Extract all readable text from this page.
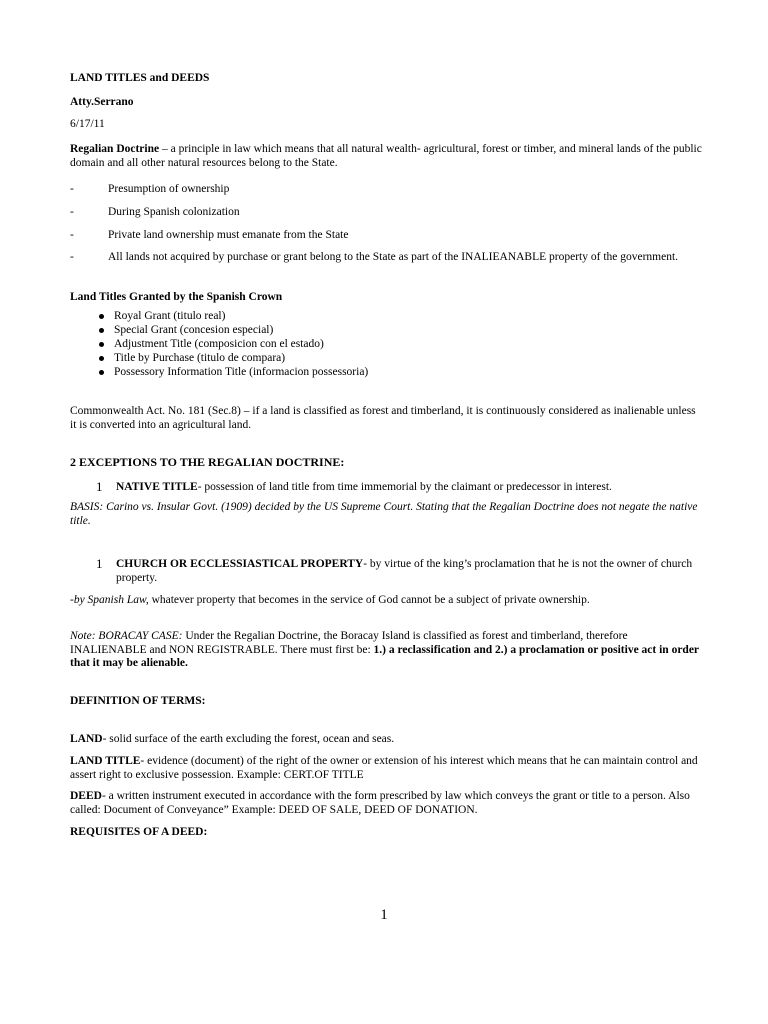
LAND TITLES and DEEDS

Atty.Serrano

6/17/11

Regalian Doctrine – a principle in law which means that all natural wealth- agricultural, forest or timber, and mineral lands of the public domain and all other natural resources belong to the State.

-	Presumption of ownership
-	During Spanish colonization
-	Private land ownership must emanate from the State
-	All lands not acquired by purchase or grant belong to the State as part of the INALIEANABLE property of the government.

Land Titles Granted by the Spanish Crown

Royal Grant (titulo real)
Special Grant (concesion especial)
Adjustment Title (composicion con el estado)
Title by Purchase (titulo de compara)
Possessory Information Title (informacion possessoria)

Commonwealth Act. No. 181 (Sec.8) – if a land is classified as forest and timberland, it is continuously considered as inalienable unless it is converted into an agricultural land.

2 EXCEPTIONS TO THE REGALIAN DOCTRINE:

1 NATIVE TITLE- possession of land title from time immemorial by the claimant or predecessor in interest.

BASIS: Carino vs. Insular Govt. (1909) decided by the US Supreme Court. Stating that the Regalian Doctrine does not negate the native title.

1 CHURCH OR ECCLESSIASTICAL PROPERTY- by virtue of the king’s proclamation that he is not the owner of church property.

-by Spanish Law, whatever property that becomes in the service of God cannot be a subject of private ownership.

Note: BORACAY CASE: Under the Regalian Doctrine, the Boracay Island is classified as forest and timberland, therefore INALIENABLE and NON REGISTRABLE. There must first be: 1.) a reclassification and 2.) a proclamation or positive act in order that it may be alienable.

DEFINITION OF TERMS:

LAND- solid surface of the earth excluding the forest, ocean and seas.

LAND TITLE- evidence (document) of the right of the owner or extension of his interest which means that he can maintain control and assert right to exclusive possession. Example: CERT.OF TITLE

DEED- a written instrument executed in accordance with the form prescribed by law which conveys the grant or title to a person. Also called: Document of Conveyance” Example: DEED OF SALE, DEED OF DONATION.

REQUISITES OF A DEED:

1
